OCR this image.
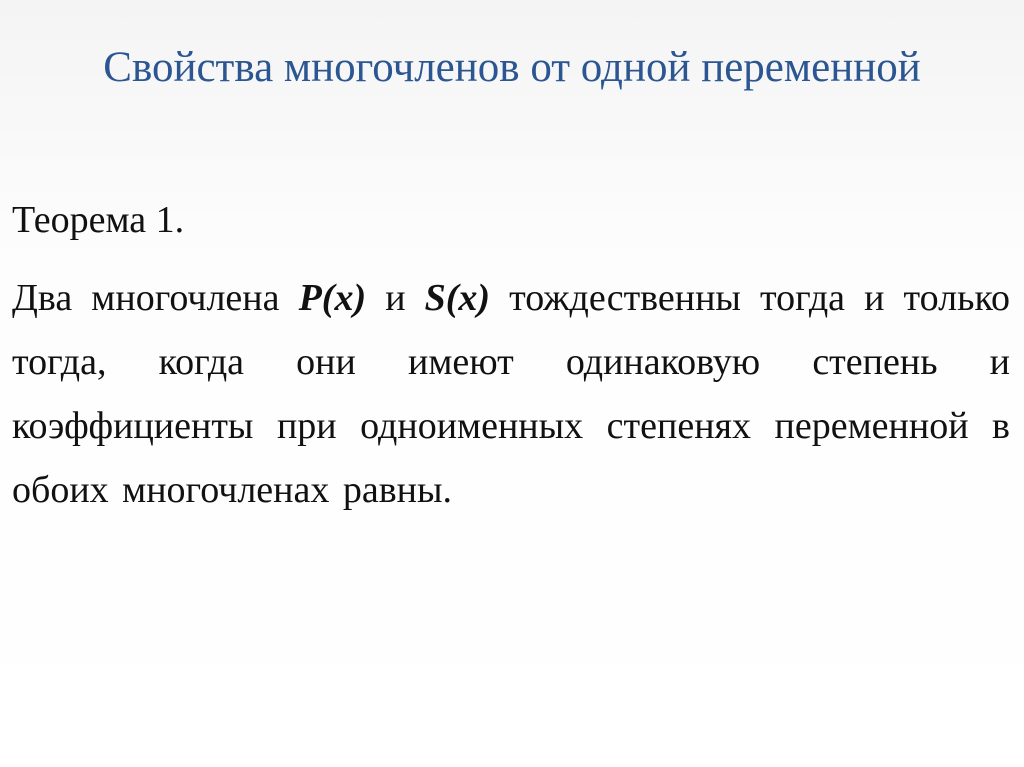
Свойства многочленов от одной переменной

Теорема 1.

Два многочлена P(x) и S(x) тождественны тогда и только тогда, когда они имеют одинаковую степень и коэффициенты при одноименных степенях переменной в обоих многочленах равны.
